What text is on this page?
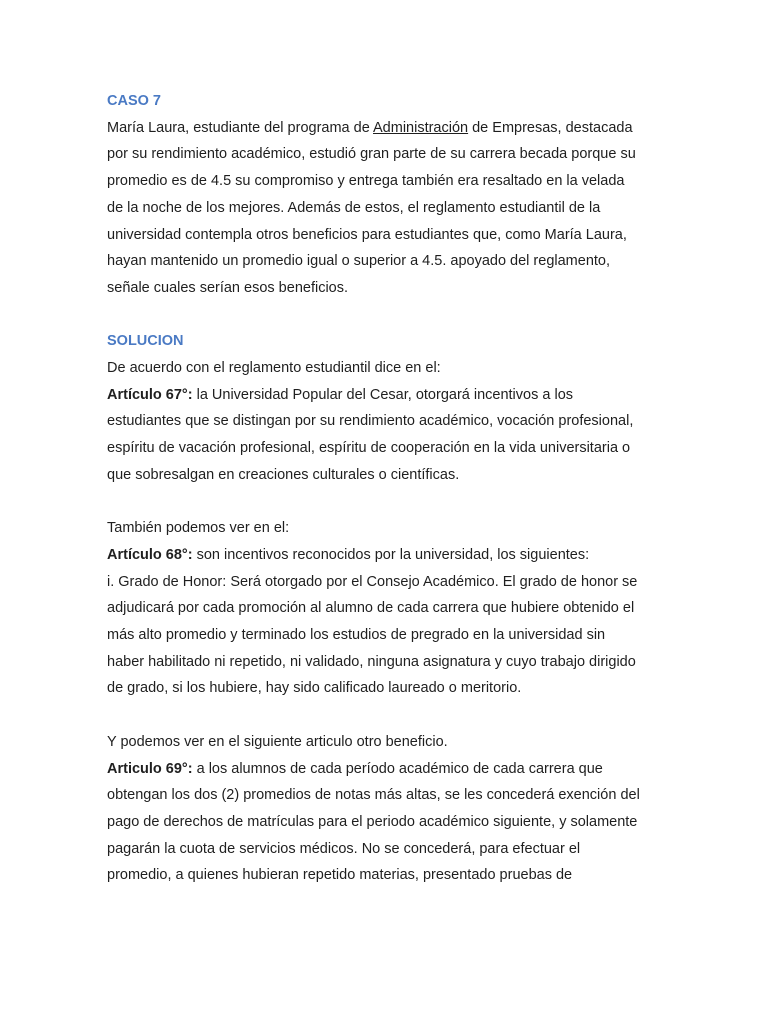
CASO 7

María Laura, estudiante del programa de Administración de Empresas, destacada
por su rendimiento académico, estudió gran parte de su carrera becada porque su
promedio es de 4.5 su compromiso y entrega también era resaltado en la velada
de la noche de los mejores. Además de estos, el reglamento estudiantil de la
universidad contempla otros beneficios para estudiantes que, como María Laura,
hayan mantenido un promedio igual o superior a 4.5. apoyado del reglamento,
señale cuales serían esos beneficios.

SOLUCION

De acuerdo con el reglamento estudiantil dice en el:
Artículo 67°: la Universidad Popular del Cesar, otorgará incentivos a los
estudiantes que se distingan por su rendimiento académico, vocación profesional,
espíritu de vacación profesional, espíritu de cooperación en la vida universitaria o
que sobresalgan en creaciones culturales o científicas.
También podemos ver en el:
Artículo 68°: son incentivos reconocidos por la universidad, los siguientes:
i. Grado de Honor: Será otorgado por el Consejo Académico. El grado de honor se
adjudicará por cada promoción al alumno de cada carrera que hubiere obtenido el
más alto promedio y terminado los estudios de pregrado en la universidad sin
haber habilitado ni repetido, ni validado, ninguna asignatura y cuyo trabajo dirigido
de grado, si los hubiere, hay sido calificado laureado o meritorio.
Y podemos ver en el siguiente articulo otro beneficio.
Articulo 69°: a los alumnos de cada período académico de cada carrera que
obtengan los dos (2) promedios de notas más altas, se les concederá exención del
pago de derechos de matrículas para el periodo académico siguiente, y solamente
pagarán la cuota de servicios médicos. No se concederá, para efectuar el
promedio, a quienes hubieran repetido materias, presentado pruebas de
